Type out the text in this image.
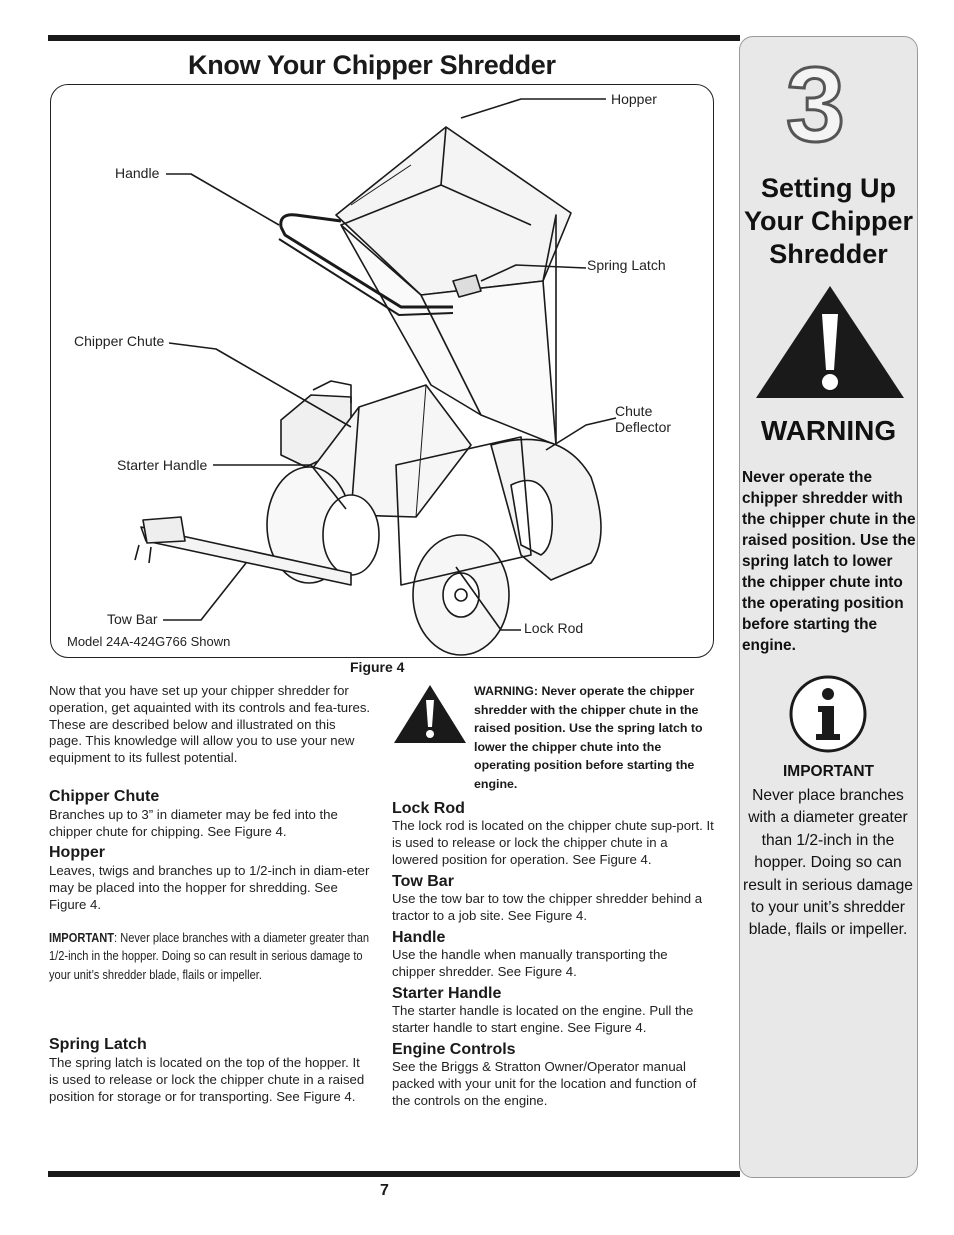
Know Your Chipper Shredder
Hopper
Handle
Spring Latch
Chipper Chute
Chute
Deflector
Starter Handle
Tow Bar
Lock Rod
Model 24A-424G766 Shown
Figure 4

Now that you have set up your chipper shredder for operation, get aquainted with its controls and fea-tures. These are described below and illustrated on this page. This knowledge will allow you to use your new equipment to its fullest potential.

Chipper Chute

Branches up to 3” in diameter may be fed into the chipper chute for chipping. See Figure 4.

Hopper

Leaves, twigs and branches up to 1/2-inch in diam-eter may be placed into the hopper for shredding. See Figure 4.

IMPORTANT: Never place branches with a diameter greater than 1/2-inch in the hopper. Doing so can result in serious damage to your unit’s shredder blade, flails or impeller.

Spring Latch

The spring latch is located on the top of the hopper. It is used to release or lock the chipper chute in a raised position for storage or for transporting. See Figure 4.

WARNING: Never operate the chipper shredder with the chipper chute in the raised position. Use the spring latch to lower the chipper chute into the operating position before starting the engine.

Lock Rod

The lock rod is located on the chipper chute sup-port. It is used to release or lock the chipper chute in a lowered position for operation. See Figure 4.

Tow Bar

Use the tow bar to tow the chipper shredder behind a tractor to a job site. See Figure 4.

Handle

Use the handle when manually transporting the chipper shredder. See Figure 4.

Starter Handle

The starter handle is located on the engine. Pull the starter handle to start engine. See Figure 4.

Engine Controls

See the Briggs & Stratton Owner/Operator manual packed with your unit for the location and function of the controls on the engine.

3
Setting Up Your Chipper Shredder
WARNING

Never operate the chipper shredder with the chipper chute in the raised position. Use the spring latch to lower the chipper chute into the operating position before starting the engine.

IMPORTANT

Never place branches with a diameter greater than 1/2-inch in the hopper. Doing so can result in serious damage to your unit’s shredder blade, flails or impeller.

7
